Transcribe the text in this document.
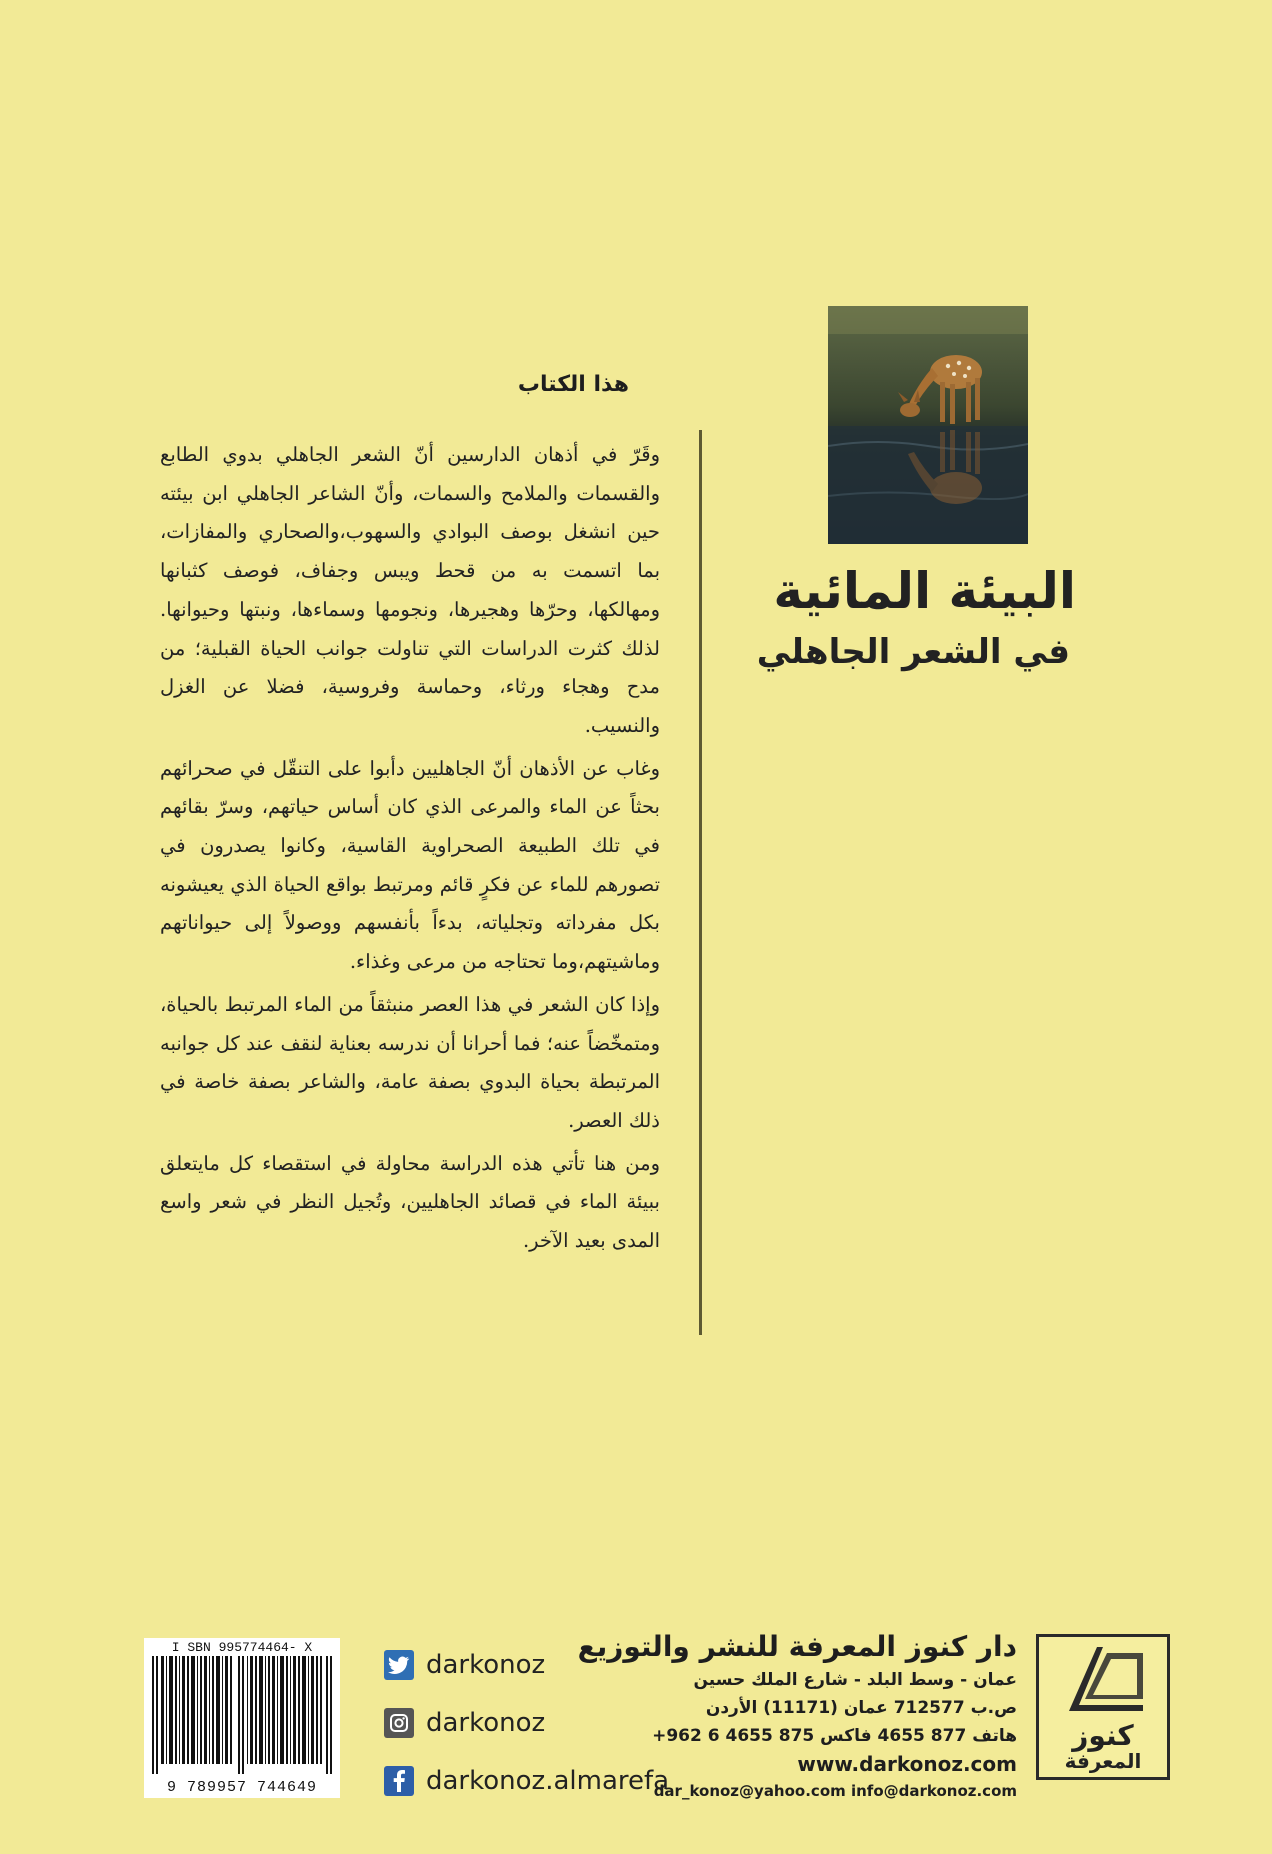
البيئة المائية
في الشعر الجاهلي
هذا الكتاب

وقَرّ في أذهان الدارسين أنّ الشعر الجاهلي بدوي الطابع والقسمات والملامح والسمات، وأنّ الشاعر الجاهلي ابن بيئته حين انشغل بوصف البوادي والسهوب،والصحاري والمفازات، بما اتسمت به من قحط ويبس وجفاف، فوصف كثبانها ومهالكها، وحرّها وهجيرها، ونجومها وسماءها، ونبتها وحيوانها. لذلك كثرت الدراسات التي تناولت جوانب الحياة القبلية؛ من مدح وهجاء ورثاء، وحماسة وفروسية، فضلا عن الغزل والنسيب.

وغاب عن الأذهان أنّ الجاهليين دأبوا على التنقّل في صحرائهم بحثاً عن الماء والمرعى الذي كان أساس حياتهم، وسرّ بقائهم في تلك الطبيعة الصحراوية القاسية، وكانوا يصدرون في تصورهم للماء عن فكرٍ قائم ومرتبط بواقع الحياة الذي يعيشونه بكل مفرداته وتجلياته، بدءاً بأنفسهم ووصولاً إلى حيواناتهم وماشيتهم،وما تحتاجه من مرعى وغذاء.

وإذا كان الشعر في هذا العصر منبثقاً من الماء المرتبط بالحياة، ومتمخّضاً عنه؛ فما أحرانا أن ندرسه بعناية لنقف عند كل جوانبه المرتبطة بحياة البدوي بصفة عامة، والشاعر بصفة خاصة في ذلك العصر.

ومن هنا تأتي هذه الدراسة محاولة في استقصاء كل مايتعلق ببيئة الماء في قصائد الجاهليين، وتُجيل النظر في شعر واسع المدى بعيد الآخر.

كنوز
المعرفة
دار كنوز المعرفة للنشر والتوزيع
عمان - وسط البلد - شارع الملك حسين
ص.ب 712577 عمان (11171) الأردن
هاتف 877 4655 فاكس 875 4655 6 962+
www.darkonoz.com
dar_konoz@yahoo.com info@darkonoz.com
darkonoz
darkonoz
darkonoz.almarefa
I SBN 995774464- X
9 789957 744649
